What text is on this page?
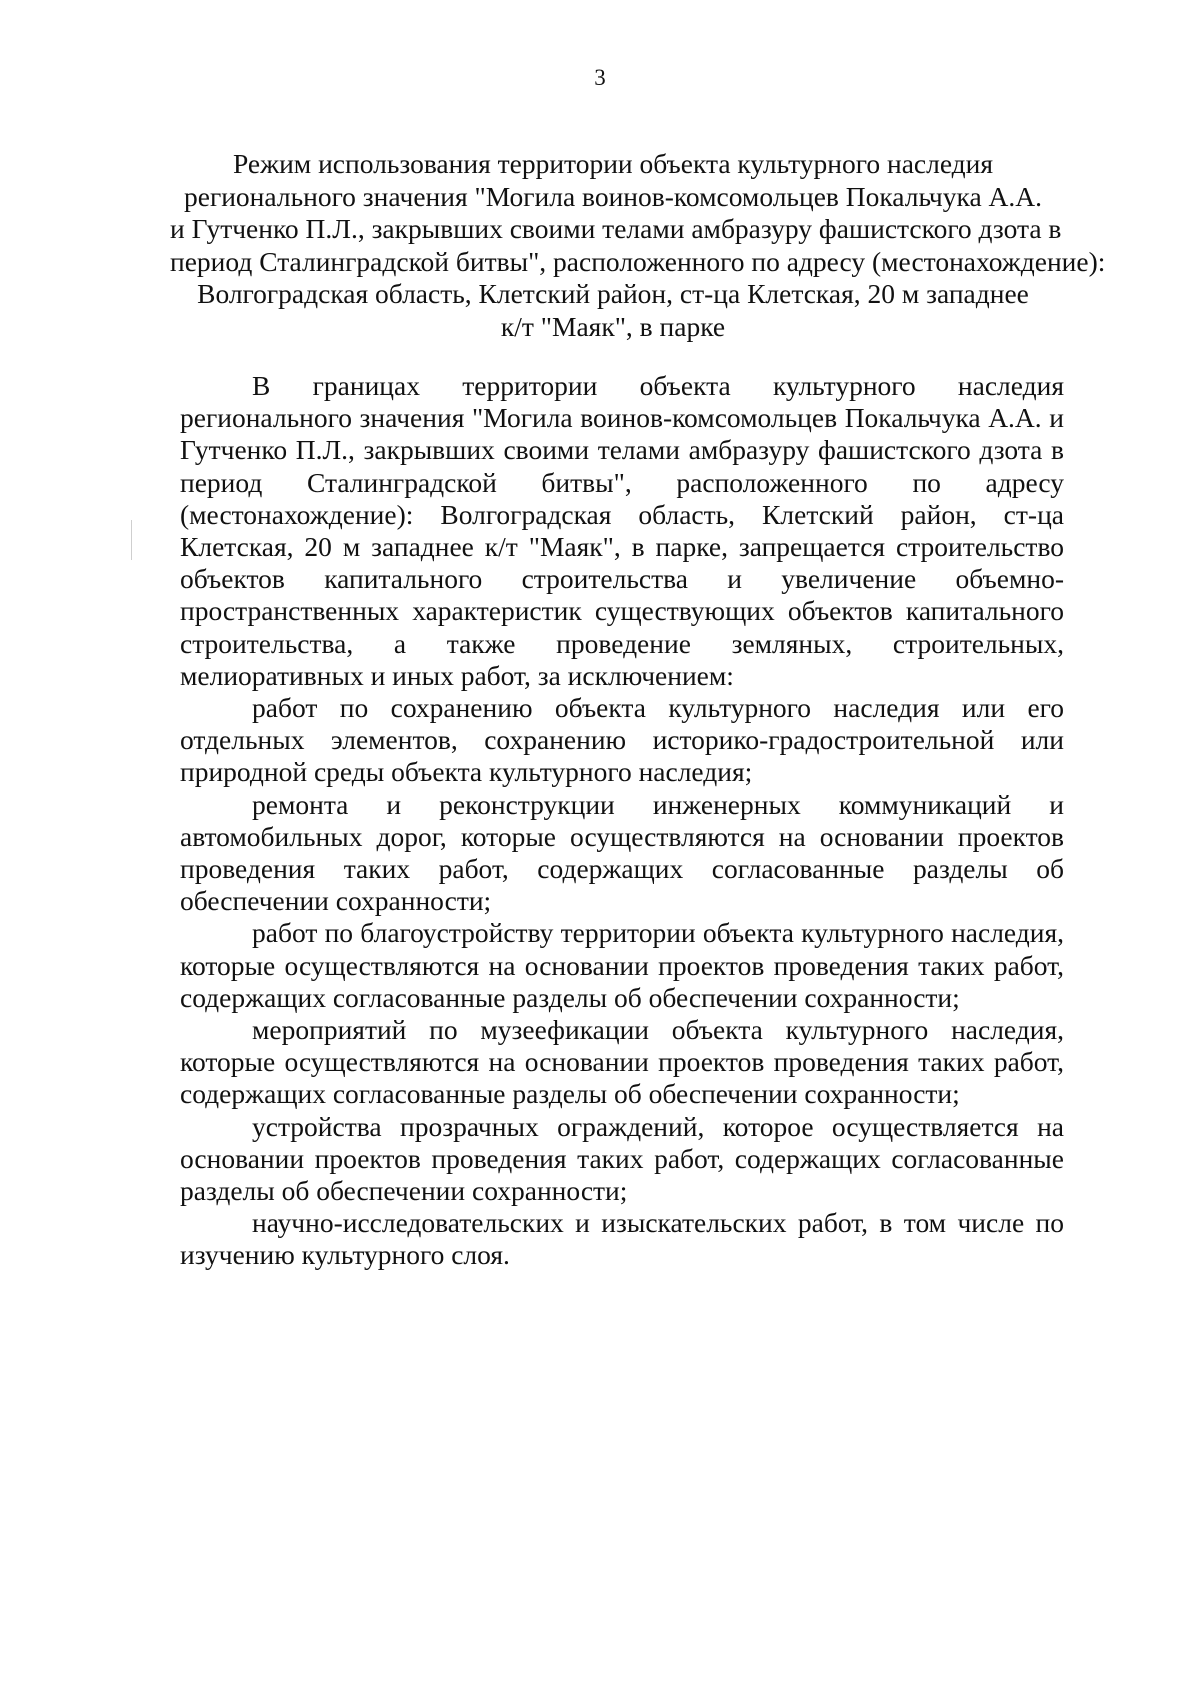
3
Режим использования территории объекта культурного наследия
регионального значения "Могила воинов-комсомольцев Покальчука А.А.
и Гутченко П.Л., закрывших своими телами амбразуру фашистского дзота в
период Сталинградской битвы", расположенного по адресу (местонахождение):
Волгоградская область, Клетский район, ст-ца Клетская, 20 м западнее
к/т "Маяк", в парке

В границах территории объекта культурного наследия регионального значения "Могила воинов-комсомольцев Покальчука А.А. и Гутченко П.Л., закрывших своими телами амбразуру фашистского дзота в период Сталинградской битвы", расположенного по адресу (местонахождение): Волгоградская область, Клетский район, ст-ца Клетская, 20 м западнее к/т "Маяк", в парке, запрещается строительство объектов капитального строительства и увеличение объемно-пространственных характеристик существующих объектов капитального строительства, а также проведение земляных, строительных, мелиоративных и иных работ, за исключением:

работ по сохранению объекта культурного наследия или его отдельных элементов, сохранению историко-градостроительной или природной среды объекта культурного наследия;

ремонта и реконструкции инженерных коммуникаций и автомобильных дорог, которые осуществляются на основании проектов проведения таких работ, содержащих согласованные разделы об обеспечении сохранности;

работ по благоустройству территории объекта культурного наследия, которые осуществляются на основании проектов проведения таких работ, содержащих согласованные разделы об обеспечении сохранности;

мероприятий по музеефикации объекта культурного наследия, которые осуществляются на основании проектов проведения таких работ, содержащих согласованные разделы об обеспечении сохранности;

устройства прозрачных ограждений, которое осуществляется на основании проектов проведения таких работ, содержащих согласованные разделы об обеспечении сохранности;

научно-исследовательских и изыскательских работ, в том числе по изучению культурного слоя.
